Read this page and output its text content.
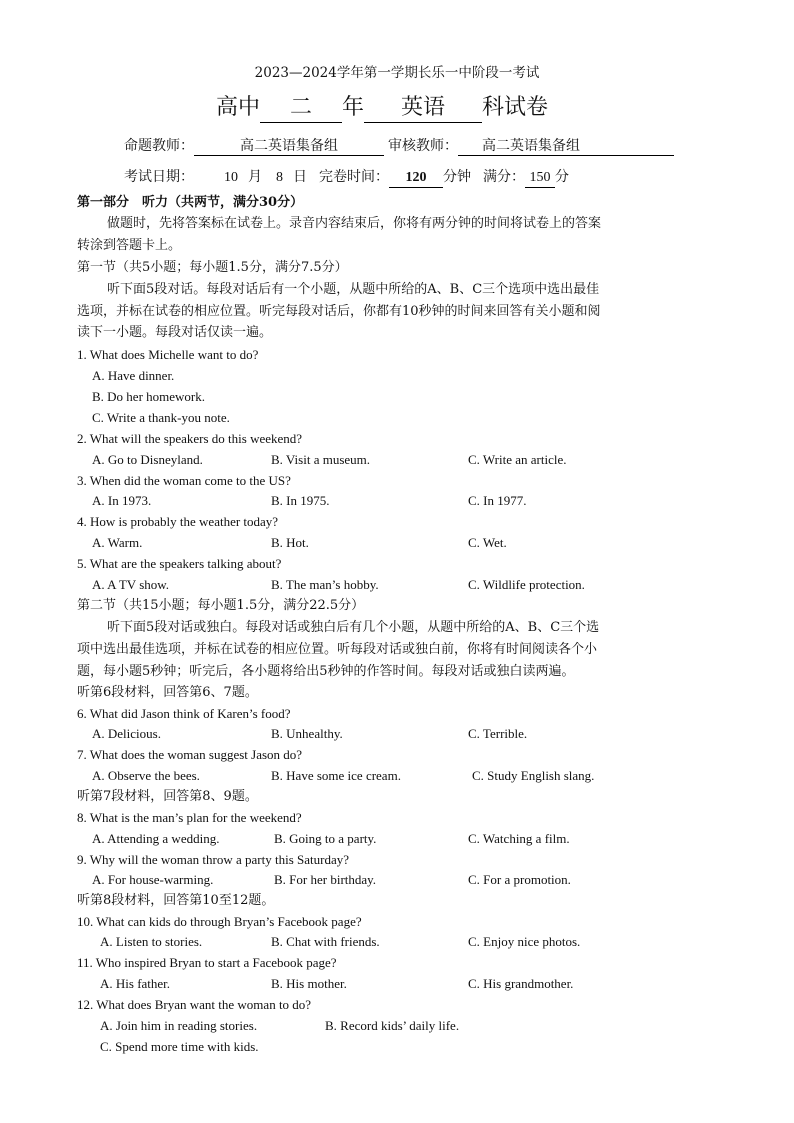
2023—2024学年第一学期长乐一中阶段一考试
高中 二 年 英语 科试卷
命题教师：	高二英语集备组	审核教师： 高二英语集备组
考试日期： 10 月 8 日 完卷时间： 120 分钟 满分： 150 分
第一部分　听力（共两节，满分30分）
做题时，先将答案标在试卷上。录音内容结束后，你将有两分钟的时间将试卷上的答案
转涂到答题卡上。
第一节（共5小题；每小题1.5分，满分7.5分）
听下面5段对话。每段对话后有一个小题，从题中所给的A、B、C三个选项中选出最佳
选项，并标在试卷的相应位置。听完每段对话后，你都有10秒钟的时间来回答有关小题和阅
读下一小题。每段对话仅读一遍。
1. What does Michelle want to do?
A. Have dinner.
B. Do her homework.
C. Write a thank-you note.
2. What will the speakers do this weekend?
A. Go to Disneyland.	B. Visit a museum.	C. Write an article.
3. When did the woman come to the US?
A. In 1973.	B. In 1975.	C. In 1977.
4. How is probably the weather today?
A. Warm.	B. Hot.	C. Wet.
5. What are the speakers talking about?
A. A TV show.	B. The man’s hobby.	C. Wildlife protection.
第二节（共15小题；每小题1.5分，满分22.5分）
听下面5段对话或独白。每段对话或独白后有几个小题，从题中所给的A、B、C三个选
项中选出最佳选项，并标在试卷的相应位置。听每段对话或独白前，你将有时间阅读各个小
题，每小题5秒钟；听完后，各小题将给出5秒钟的作答时间。每段对话或独白读两遍。
听第6段材料，回答第6、7题。
6. What did Jason think of Karen’s food?
A. Delicious.	B. Unhealthy.	C. Terrible.
7. What does the woman suggest Jason do?
A. Observe the bees.	B. Have some ice cream.	C. Study English slang.
听第7段材料，回答第8、9题。
8. What is the man’s plan for the weekend?
A. Attending a wedding.	B. Going to a party.	C. Watching a film.
9. Why will the woman throw a party this Saturday?
A. For house-warming.	B. For her birthday.	C. For a promotion.
听第8段材料，回答第10至12题。
10. What can kids do through Bryan’s Facebook page?
A. Listen to stories.	B. Chat with friends.	C. Enjoy nice photos.
11. Who inspired Bryan to start a Facebook page?
A. His father.	B. His mother.	C. His grandmother.
12. What does Bryan want the woman to do?
A. Join him in reading stories.	B. Record kids’ daily life.
C. Spend more time with kids.
